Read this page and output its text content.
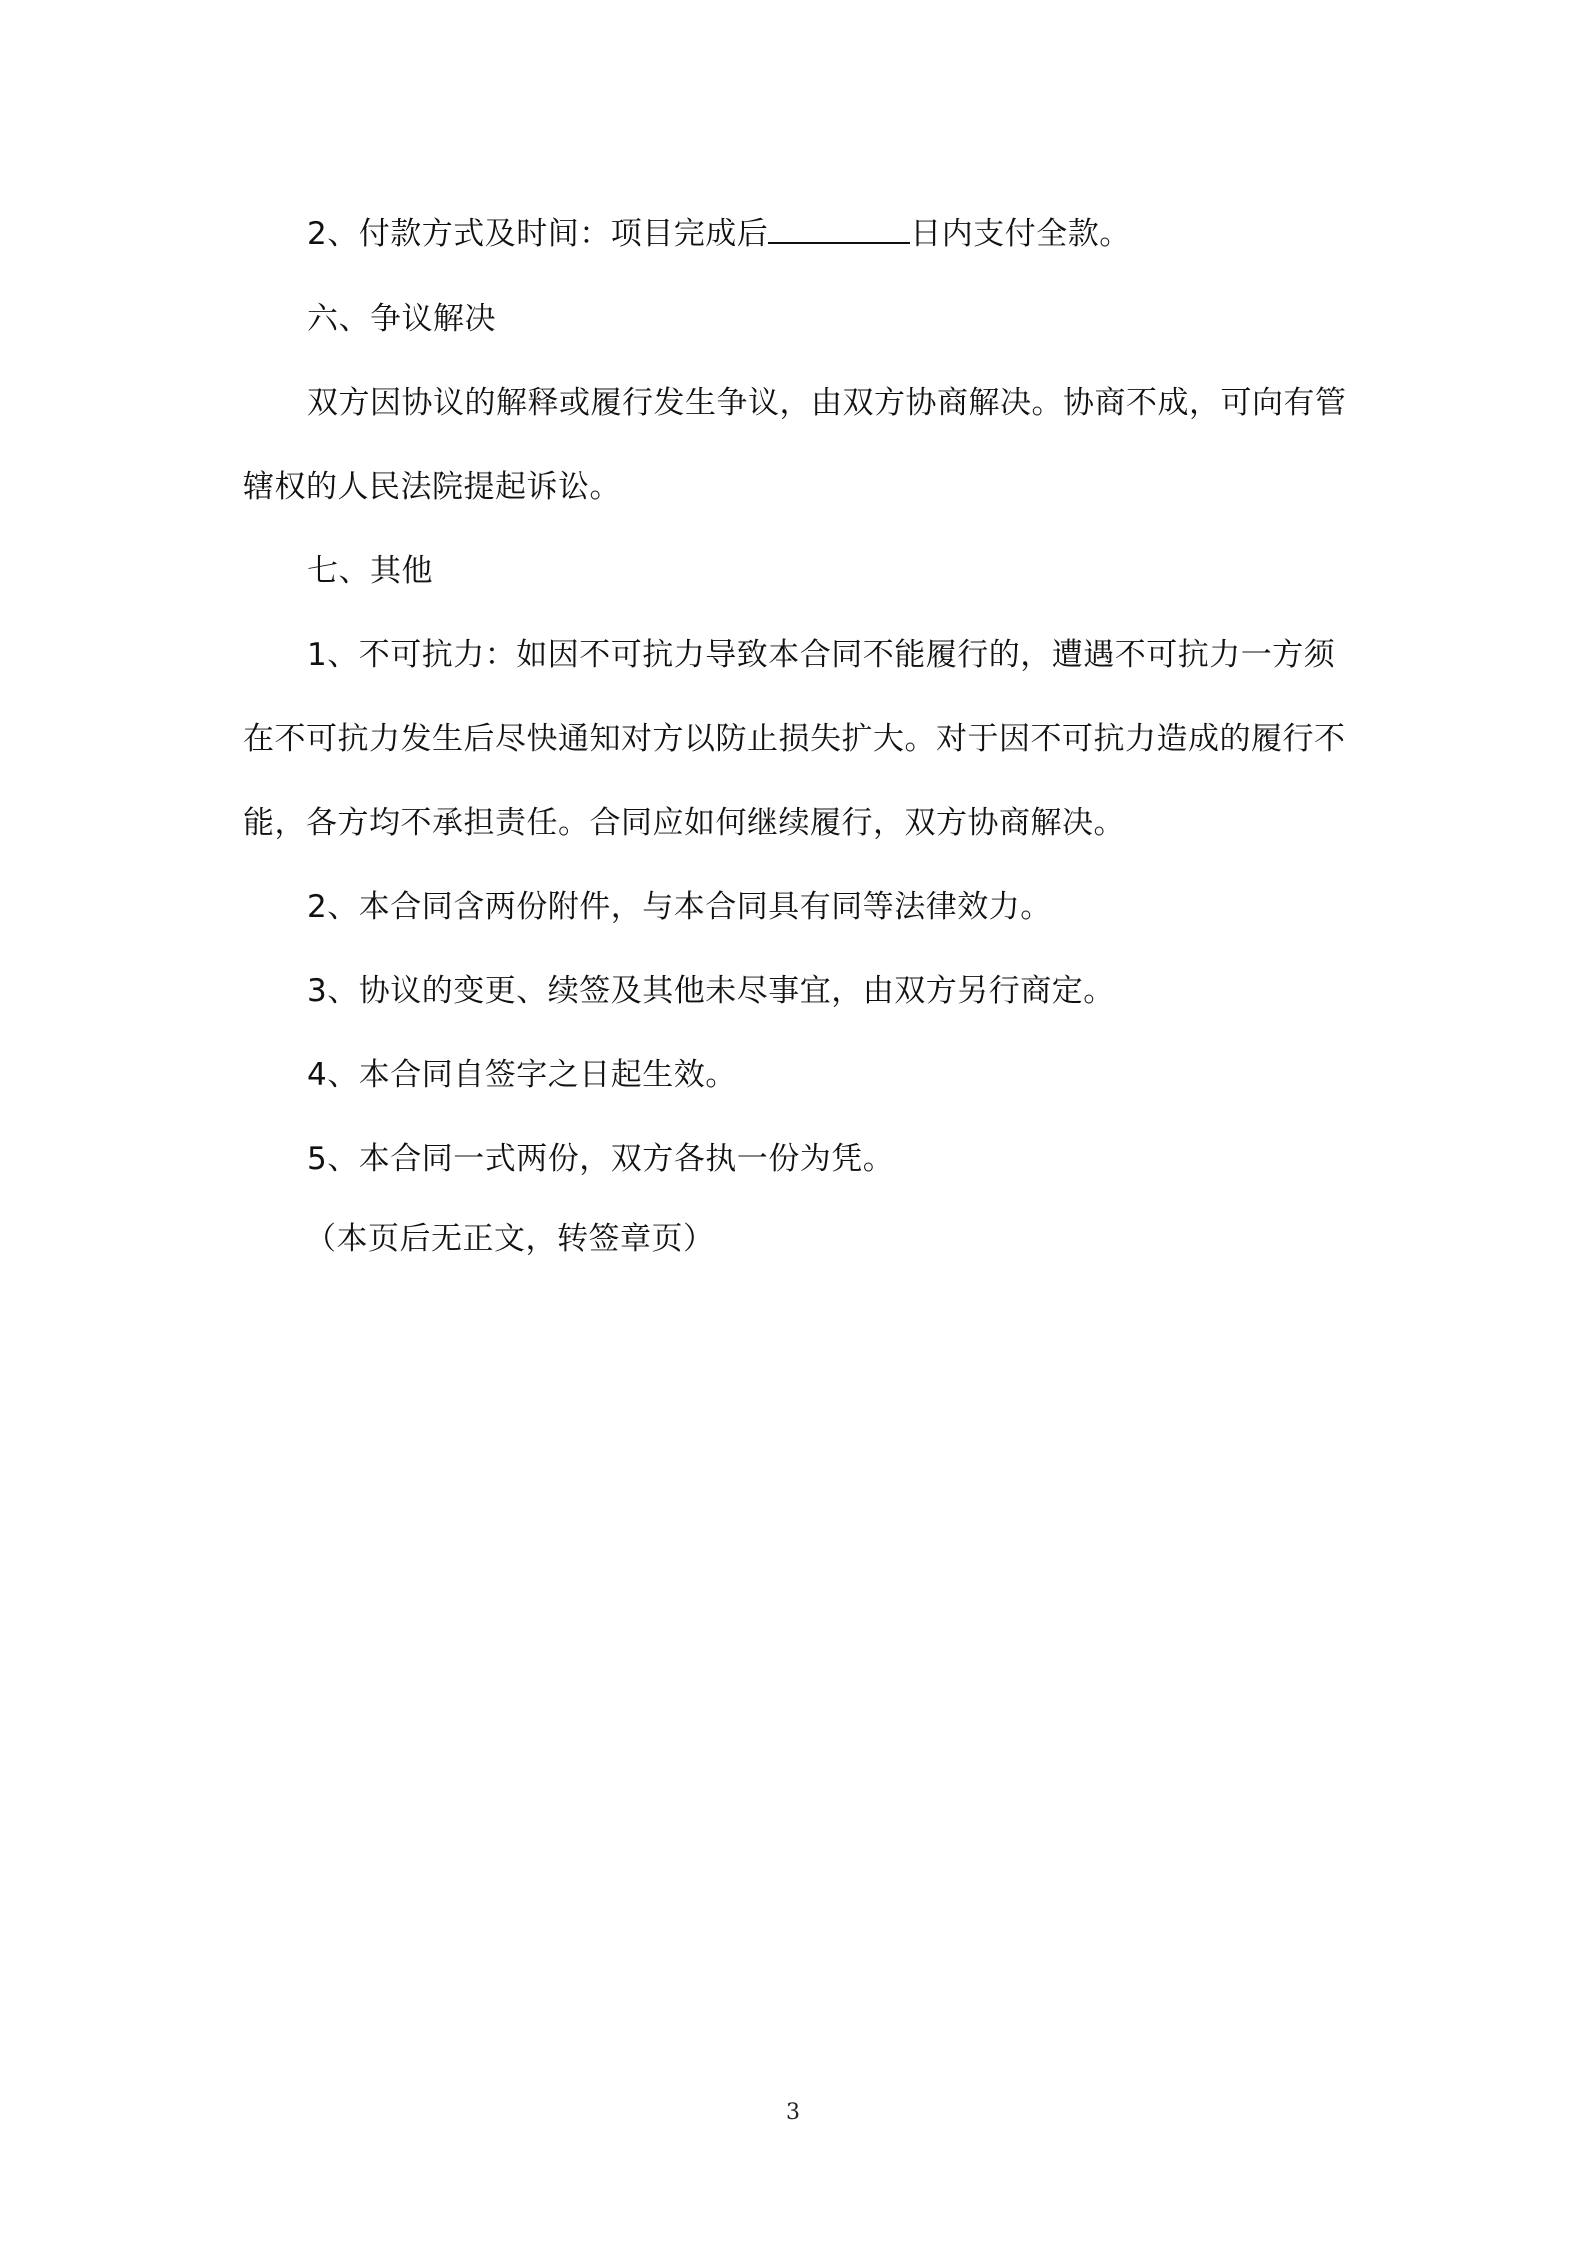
2、付款方式及时间：项目完成后	日内支付全款。

六、争议解决

双方因协议的解释或履行发生争议，由双方协商解决。协商不成，可向有管

辖权的人民法院提起诉讼。

七、其他

1、不可抗力：如因不可抗力导致本合同不能履行的，遭遇不可抗力一方须

在不可抗力发生后尽快通知对方以防止损失扩大。对于因不可抗力造成的履行不

能，各方均不承担责任。合同应如何继续履行，双方协商解决。

2、本合同含两份附件，与本合同具有同等法律效力。

3、协议的变更、续签及其他未尽事宜，由双方另行商定。

4、本合同自签字之日起生效。

5、本合同一式两份，双方各执一份为凭。

（本页后无正文，转签章页）

3
